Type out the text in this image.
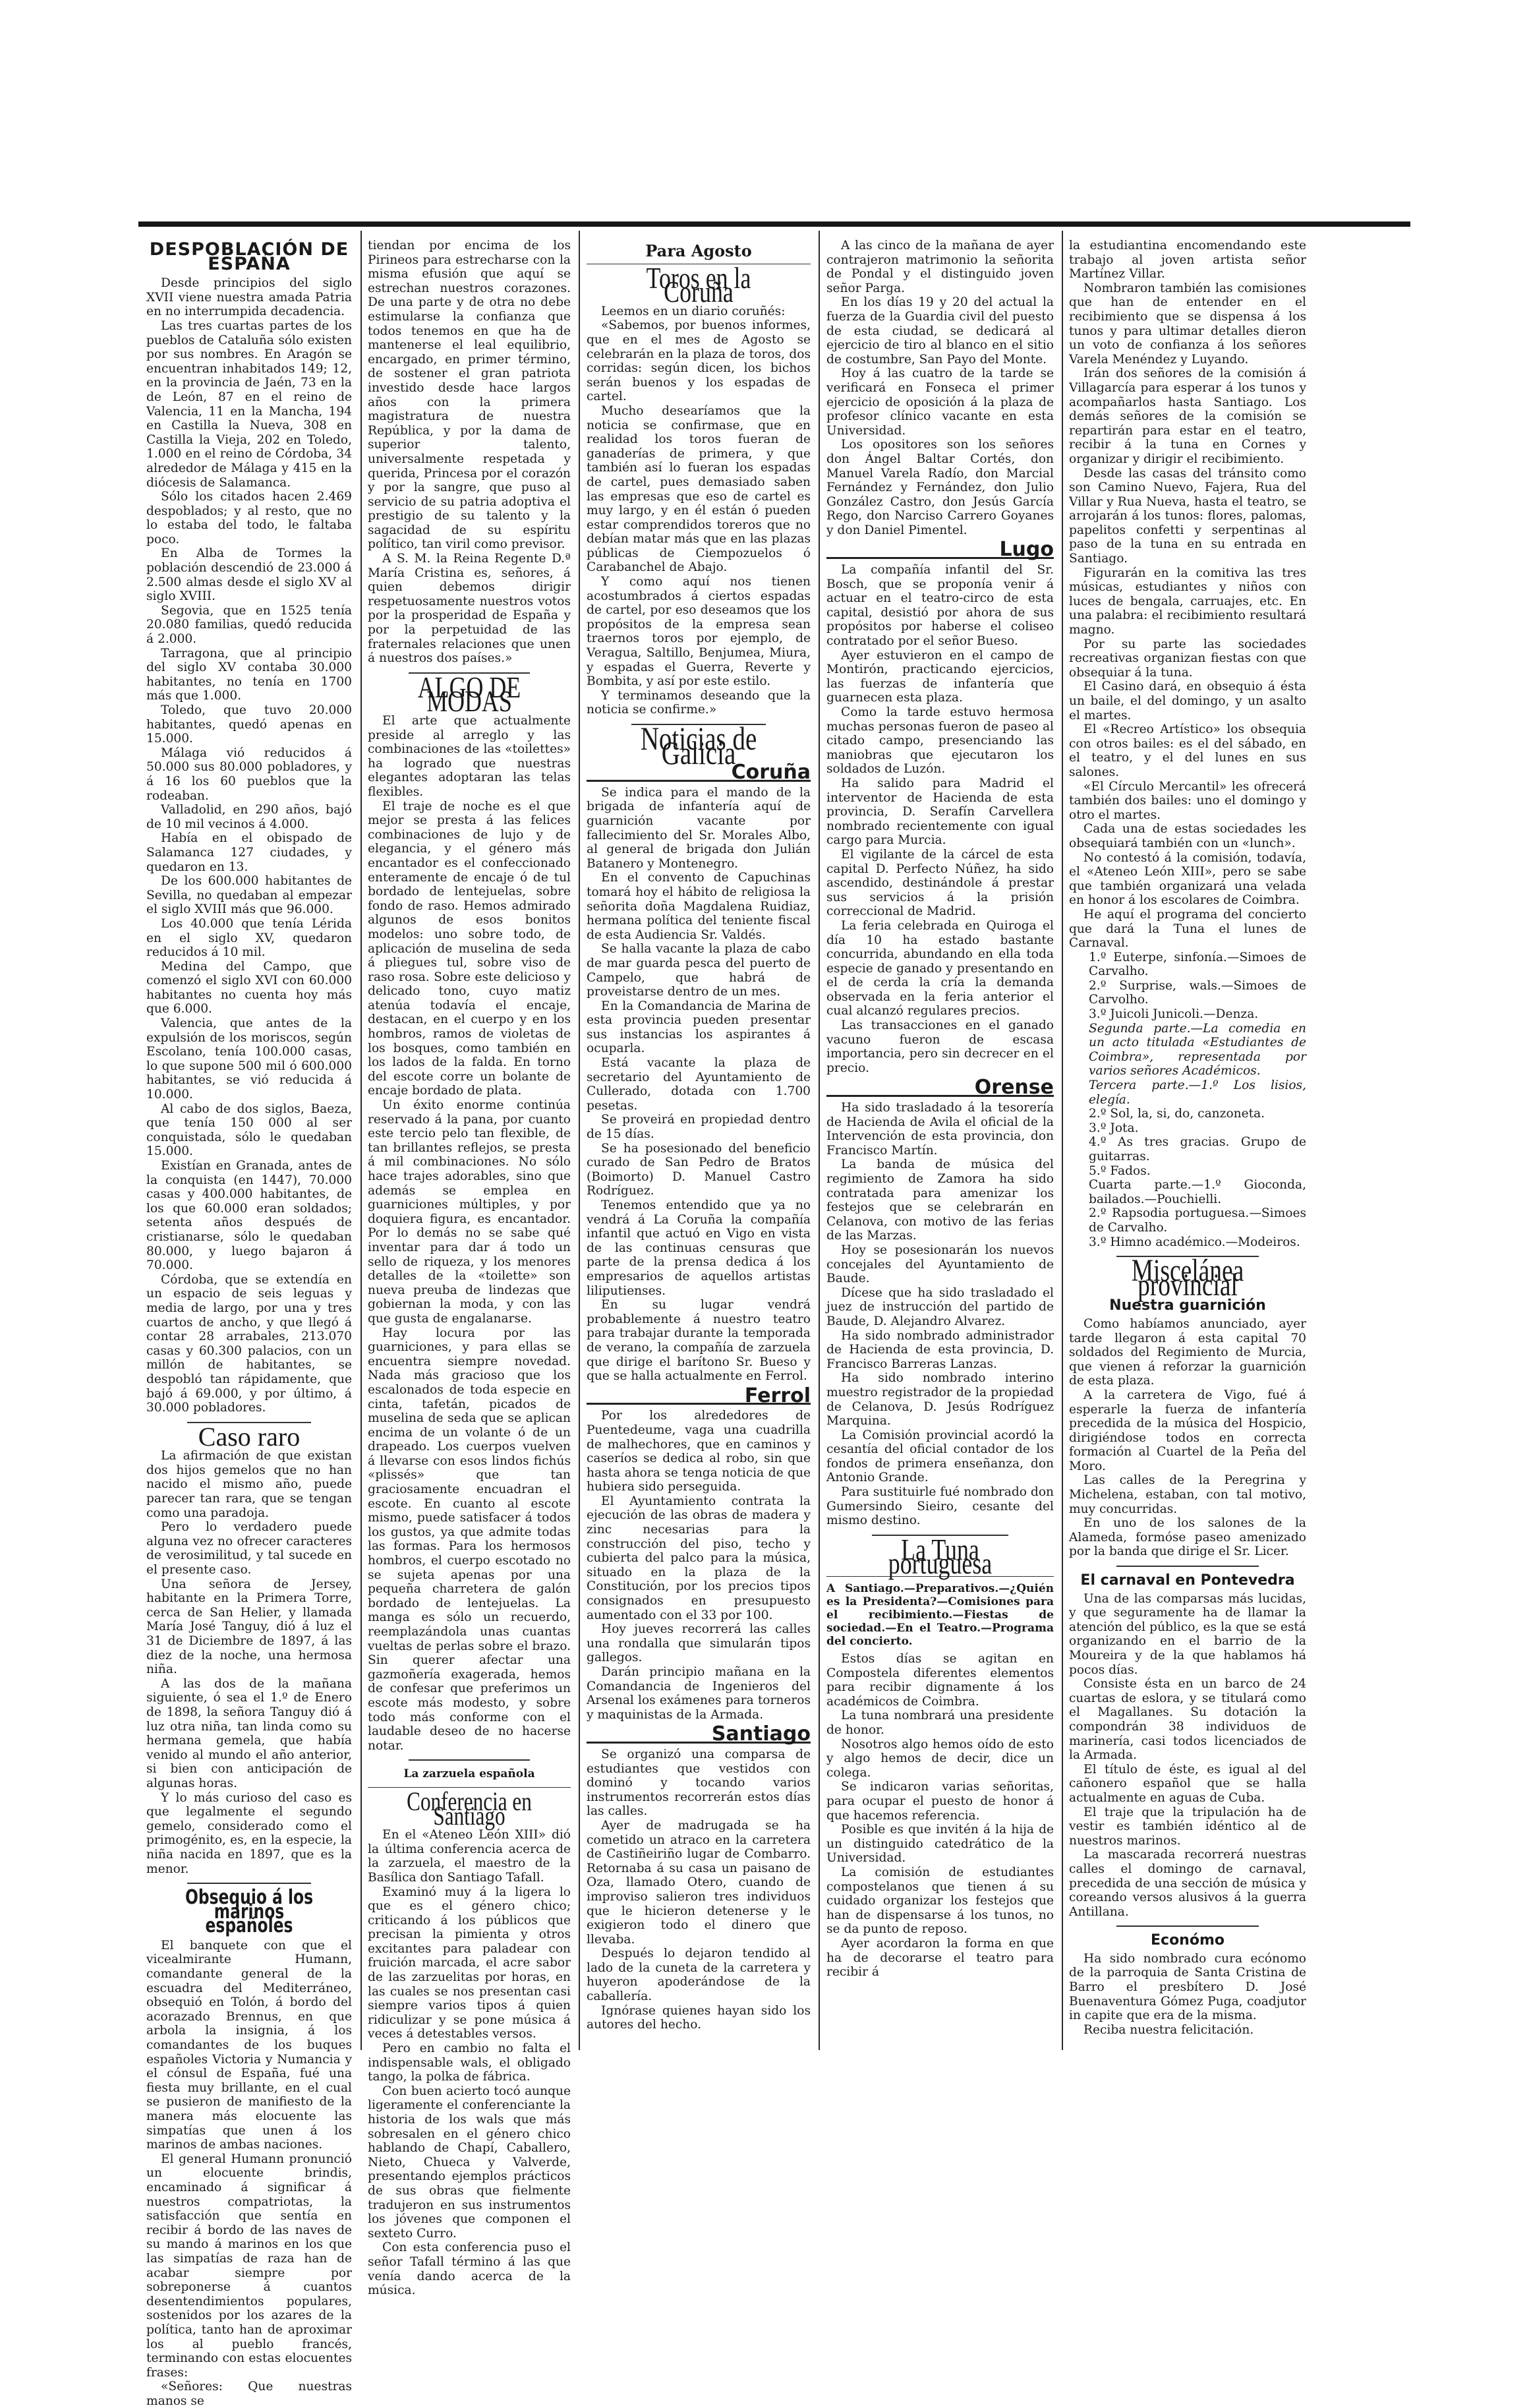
DESPOBLACIÓN DE ESPAÑA

Desde principios del siglo XVII viene nuestra amada Patria en no interrumpida decadencia.

Las tres cuartas partes de los pueblos de Cataluña sólo existen por sus nombres. En Aragón se encuentran inhabitados 149; 12, en la provincia de Jaén, 73 en la de León, 87 en el reino de Valencia, 11 en la Mancha, 194 en Castilla la Nueva, 308 en Castilla la Vieja, 202 en Toledo, 1.000 en el reino de Córdoba, 34 alrededor de Málaga y 415 en la diócesis de Salamanca.

Sólo los citados hacen 2.469 despoblados; y al resto, que no lo estaba del todo, le faltaba poco.

En Alba de Tormes la población descendió de 23.000 á 2.500 almas desde el siglo XV al siglo XVIII.

Segovia, que en 1525 tenía 20.080 familias, quedó reducida á 2.000.

Tarragona, que al principio del siglo XV contaba 30.000 habitantes, no tenía en 1700 más que 1.000.

Toledo, que tuvo 20.000 habitantes, quedó apenas en 15.000.

Málaga vió reducidos á 50.000 sus 80.000 pobladores, y á 16 los 60 pueblos que la rodeaban.

Valladolid, en 290 años, bajó de 10 mil vecinos á 4.000.

Había en el obispado de Salamanca 127 ciudades, y quedaron en 13.

De los 600.000 habitantes de Sevilla, no quedaban al empezar el siglo XVIII más que 96.000.

Los 40.000 que tenía Lérida en el siglo XV, quedaron reducidos á 10 mil.

Medina del Campo, que comenzó el siglo XVI con 60.000 habitantes no cuenta hoy más que 6.000.

Valencia, que antes de la expulsión de los moriscos, según Escolano, tenía 100.000 casas, lo que supone 500 mil ó 600.000 habitantes, se vió reducida á 10.000.

Al cabo de dos siglos, Baeza, que tenía 150 000 al ser conquistada, sólo le quedaban 15.000.

Existían en Granada, antes de la conquista (en 1447), 70.000 casas y 400.000 habitantes, de los que 60.000 eran soldados; setenta años después de cristianarse, sólo le quedaban 80.000, y luego bajaron á 70.000.

Córdoba, que se extendía en un espacio de seis leguas y media de largo, por una y tres cuartos de ancho, y que llegó á contar 28 arrabales, 213.070 casas y 60.300 palacios, con un millón de habitantes, se despobló tan rápidamente, que bajó á 69.000, y por último, á 30.000 pobladores.

Caso raro

La afirmación de que existan dos hijos gemelos que no han nacido el mismo año, puede parecer tan rara, que se tengan como una paradoja.

Pero lo verdadero puede alguna vez no ofrecer caracteres de verosimilitud, y tal sucede en el presente caso.

Una señora de Jersey, habitante en la Primera Torre, cerca de San Helier, y llamada María José Tanguy, dió á luz el 31 de Diciembre de 1897, á las diez de la noche, una hermosa niña.

A las dos de la mañana siguiente, ó sea el 1.º de Enero de 1898, la señora Tanguy dió á luz otra niña, tan linda como su hermana gemela, que había venido al mundo el año anterior, si bien con anticipación de algunas horas.

Y lo más curioso del caso es que legalmente el segundo gemelo, considerado como el primogénito, es, en la especie, la niña nacida en 1897, que es la menor.

Obsequio á los marinos españoles

El banquete con que el vicealmirante Humann, comandante general de la escuadra del Mediterráneo, obsequió en Tolón, á bordo del acorazado Brennus, en que arbola la insignia, á los comandantes de los buques españoles Victoria y Numancia y el cónsul de España, fué una fiesta muy brillante, en el cual se pusieron de manifiesto de la manera más elocuente las simpatías que unen á los marinos de ambas naciones.

El general Humann pronunció un elocuente brindis, encaminado á significar á nuestros compatriotas, la satisfacción que sentía en recibir á bordo de las naves de su mando á marinos en los que las simpatías de raza han de acabar siempre por sobreponerse á cuantos desentendimientos populares, sostenidos por los azares de la política, tanto han de aproximar los al pueblo francés, terminando con estas elocuentes frases:

«Señores: Que nuestras manos se

tiendan por encima de los Pirineos para estrecharse con la misma efusión que aquí se estrechan nuestros corazones. De una parte y de otra no debe estimularse la confianza que todos tenemos en que ha de mantenerse el leal equilibrio, encargado, en primer término, de sostener el gran patriota investido desde hace largos años con la primera magistratura de nuestra República, y por la dama de superior talento, universalmente respetada y querida, Princesa por el corazón y por la sangre, que puso al servicio de su patria adoptiva el prestigio de su talento y la sagacidad de su espíritu político, tan viril como previsor.

A S. M. la Reina Regente D.ª María Cristina es, señores, á quien debemos dirigir respetuosamente nuestros votos por la prosperidad de España y por la perpetuidad de las fraternales relaciones que unen á nuestros dos países.»

ALGO DE MODAS

El arte que actualmente preside al arreglo y las combinaciones de las «toilettes» ha logrado que nuestras elegantes adoptaran las telas flexibles.

El traje de noche es el que mejor se presta á las felices combinaciones de lujo y de elegancia, y el género más encantador es el confeccionado enteramente de encaje ó de tul bordado de lentejuelas, sobre fondo de raso. Hemos admirado algunos de esos bonitos modelos: uno sobre todo, de aplicación de muselina de seda á pliegues tul, sobre viso de raso rosa. Sobre este delicioso y delicado tono, cuyo matiz atenúa todavía el encaje, destacan, en el cuerpo y en los hombros, ramos de violetas de los bosques, como también en los lados de la falda. En torno del escote corre un bolante de encaje bordado de plata.

Un éxito enorme continúa reservado á la pana, por cuanto este tercio pelo tan flexible, de tan brillantes reflejos, se presta á mil combinaciones. No sólo hace trajes adorables, sino que además se emplea en guarniciones múltiples, y por doquiera figura, es encantador. Por lo demás no se sabe qué inventar para dar á todo un sello de riqueza, y los menores detalles de la «toilette» son nueva preuba de lindezas que gobiernan la moda, y con las que gusta de engalanarse.

Hay locura por las guarniciones, y para ellas se encuentra siempre novedad. Nada más gracioso que los escalonados de toda especie en cinta, tafetán, picados de muselina de seda que se aplican encima de un volante ó de un drapeado. Los cuerpos vuelven á llevarse con esos lindos fichús «plissés» que tan graciosamente encuadran el escote. En cuanto al escote mismo, puede satisfacer á todos los gustos, ya que admite todas las formas. Para los hermosos hombros, el cuerpo escotado no se sujeta apenas por una pequeña charretera de galón bordado de lentejuelas. La manga es sólo un recuerdo, reemplazándola unas cuantas vueltas de perlas sobre el brazo. Sin querer afectar una gazmoñería exagerada, hemos de confesar que preferimos un escote más modesto, y sobre todo más conforme con el laudable deseo de no hacerse notar.

La zarzuela española
Conferencia en Santiago

En el «Ateneo León XIII» dió la última conferencia acerca de la zarzuela, el maestro de la Basílica don Santiago Tafall.

Examinó muy á la ligera lo que es el género chico; criticando á los públicos que precisan la pimienta y otros excitantes para paladear con fruición marcada, el acre sabor de las zarzuelitas por horas, en las cuales se nos presentan casi siempre varios tipos á quien ridiculizar y se pone música á veces á detestables versos.

Pero en cambio no falta el indispensable wals, el obligado tango, la polka de fábrica.

Con buen acierto tocó aunque ligeramente el conferenciante la historia de los wals que más sobresalen en el género chico hablando de Chapí, Caballero, Nieto, Chueca y Valverde, presentando ejemplos prácticos de sus obras que fielmente tradujeron en sus instrumentos los jóvenes que componen el sexteto Curro.

Con esta conferencia puso el señor Tafall término á las que venía dando acerca de la música.

Para Agosto
Toros en la Coruña

Leemos en un diario coruñés:

«Sabemos, por buenos informes, que en el mes de Agosto se celebrarán en la plaza de toros, dos corridas: según dicen, los bichos serán buenos y los espadas de cartel.

Mucho desearíamos que la noticia se confirmase, que en realidad los toros fueran de ganaderías de primera, y que también así lo fueran los espadas de cartel, pues demasiado saben las empresas que eso de cartel es muy largo, y en él están ó pueden estar comprendidos toreros que no debían matar más que en las plazas públicas de Ciempozuelos ó Carabanchel de Abajo.

Y como aquí nos tienen acostumbrados á ciertos espadas de cartel, por eso deseamos que los propósitos de la empresa sean traernos toros por ejemplo, de Veragua, Saltillo, Benjumea, Miura, y espadas el Guerra, Reverte y Bombita, y así por este estilo.

Y terminamos deseando que la noticia se confirme.»

Noticias de Galicia
Coruña

Se indica para el mando de la brigada de infantería aquí de guarnición vacante por fallecimiento del Sr. Morales Albo, al general de brigada don Julián Batanero y Montenegro.

En el convento de Capuchinas tomará hoy el hábito de religiosa la señorita doña Magdalena Ruidiaz, hermana política del teniente fiscal de esta Audiencia Sr. Valdés.

Se halla vacante la plaza de cabo de mar guarda pesca del puerto de Campelo, que habrá de proveistarse dentro de un mes.

En la Comandancia de Marina de esta provincia pueden presentar sus instancias los aspirantes á ocuparla.

Está vacante la plaza de secretario del Ayuntamiento de Cullerado, dotada con 1.700 pesetas.

Se proveirá en propiedad dentro de 15 días.

Se ha posesionado del beneficio curado de San Pedro de Bratos (Boimorto) D. Manuel Castro Rodríguez.

Tenemos entendido que ya no vendrá á La Coruña la compañía infantil que actuó en Vigo en vista de las continuas censuras que parte de la prensa dedica á los empresarios de aquellos artistas liliputienses.

En su lugar vendrá probablemente á nuestro teatro para trabajar durante la temporada de verano, la compañía de zarzuela que dirige el barítono Sr. Bueso y que se halla actualmente en Ferrol.

Ferrol

Por los alrededores de Puentedeume, vaga una cuadrilla de malhechores, que en caminos y caseríos se dedica al robo, sin que hasta ahora se tenga noticia de que hubiera sido perseguida.

El Ayuntamiento contrata la ejecución de las obras de madera y zinc necesarias para la construcción del piso, techo y cubierta del palco para la música, situado en la plaza de la Constitución, por los precios tipos consignados en presupuesto aumentado con el 33 por 100.

Hoy jueves recorrerá las calles una rondalla que simularán tipos gallegos.

Darán principio mañana en la Comandancia de Ingenieros del Arsenal los exámenes para torneros y maquinistas de la Armada.

Santiago

Se organizó una comparsa de estudiantes que vestidos con dominó y tocando varios instrumentos recorrerán estos días las calles.

Ayer de madrugada se ha cometido un atraco en la carretera de Castiñeiriño lugar de Combarro. Retornaba á su casa un paisano de Oza, llamado Otero, cuando de improviso salieron tres individuos que le hicieron detenerse y le exigieron todo el dinero que llevaba.

Después lo dejaron tendido al lado de la cuneta de la carretera y huyeron apoderándose de la caballería.

Ignórase quienes hayan sido los autores del hecho.

A las cinco de la mañana de ayer contrajeron matrimonio la señorita de Pondal y el distinguido joven señor Parga.

En los días 19 y 20 del actual la fuerza de la Guardia civil del puesto de esta ciudad, se dedicará al ejercicio de tiro al blanco en el sitio de costumbre, San Payo del Monte.

Hoy á las cuatro de la tarde se verificará en Fonseca el primer ejercicio de oposición á la plaza de profesor clínico vacante en esta Universidad.

Los opositores son los señores don Ángel Baltar Cortés, don Manuel Varela Radío, don Marcial Fernández y Fernández, don Julio González Castro, don Jesús García Rego, don Narciso Carrero Goyanes y don Daniel Pimentel.

Lugo

La compañía infantil del Sr. Bosch, que se proponía venir á actuar en el teatro-circo de esta capital, desistió por ahora de sus propósitos por haberse el coliseo contratado por el señor Bueso.

Ayer estuvieron en el campo de Montirón, practicando ejercicios, las fuerzas de infantería que guarnecen esta plaza.

Como la tarde estuvo hermosa muchas personas fueron de paseo al citado campo, presenciando las maniobras que ejecutaron los soldados de Luzón.

Ha salido para Madrid el interventor de Hacienda de esta provincia, D. Serafín Carvellera nombrado recientemente con igual cargo para Murcia.

El vigilante de la cárcel de esta capital D. Perfecto Núñez, ha sido ascendido, destinándole á prestar sus servicios á la prisión correccional de Madrid.

La feria celebrada en Quiroga el día 10 ha estado bastante concurrida, abundando en ella toda especie de ganado y presentando en el de cerda la cría la demanda observada en la feria anterior el cual alcanzó regulares precios.

Las transacciones en el ganado vacuno fueron de escasa importancia, pero sin decrecer en el precio.

Orense

Ha sido trasladado á la tesorería de Hacienda de Avila el oficial de la Intervención de esta provincia, don Francisco Martín.

La banda de música del regimiento de Zamora ha sido contratada para amenizar los festejos que se celebrarán en Celanova, con motivo de las ferias de las Marzas.

Hoy se posesionarán los nuevos concejales del Ayuntamiento de Baude.

Dícese que ha sido trasladado el juez de instrucción del partido de Baude, D. Alejandro Alvarez.

Ha sido nombrado administrador de Hacienda de esta provincia, D. Francisco Barreras Lanzas.

Ha sido nombrado interino muestro registrador de la propiedad de Celanova, D. Jesús Rodríguez Marquina.

La Comisión provincial acordó la cesantía del oficial contador de los fondos de primera enseñanza, don Antonio Grande.

Para sustituirle fué nombrado don Gumersindo Sieiro, cesante del mismo destino.

La Tuna portuguesa
A Santiago.—Preparativos.—¿Quién es la Presidenta?—Comisiones para el recibimiento.—Fiestas de sociedad.—En el Teatro.—Programa del concierto.

Estos días se agitan en Compostela diferentes elementos para recibir dignamente á los académicos de Coimbra.

La tuna nombrará una presidente de honor.

Nosotros algo hemos oído de esto y algo hemos de decir, dice un colega.

Se indicaron varias señoritas, para ocupar el puesto de honor á que hacemos referencia.

Posible es que invitén á la hija de un distinguido catedrático de la Universidad.

La comisión de estudiantes compostelanos que tienen á su cuidado organizar los festejos que han de dispensarse á los tunos, no se da punto de reposo.

Ayer acordaron la forma en que ha de decorarse el teatro para recibir á

la estudiantina encomendando este trabajo al joven artista señor Martínez Villar.

Nombraron también las comisiones que han de entender en el recibimiento que se dispensa á los tunos y para ultimar detalles dieron un voto de confianza á los señores Varela Menéndez y Luyando.

Irán dos señores de la comisión á Villagarcía para esperar á los tunos y acompañarlos hasta Santiago. Los demás señores de la comisión se repartirán para estar en el teatro, recibir á la tuna en Cornes y organizar y dirigir el recibimiento.

Desde las casas del tránsito como son Camino Nuevo, Fajera, Rua del Villar y Rua Nueva, hasta el teatro, se arrojarán á los tunos: flores, palomas, papelitos confetti y serpentinas al paso de la tuna en su entrada en Santiago.

Figurarán en la comitiva las tres músicas, estudiantes y niños con luces de bengala, carruajes, etc. En una palabra: el recibimiento resultará magno.

Por su parte las sociedades recreativas organizan fiestas con que obsequiar á la tuna.

El Casino dará, en obsequio á ésta un baile, el del domingo, y un asalto el martes.

El «Recreo Artístico» los obsequia con otros bailes: es el del sábado, en el teatro, y el del lunes en sus salones.

«El Círculo Mercantil» les ofrecerá también dos bailes: uno el domingo y otro el martes.

Cada una de estas sociedades les obsequiará también con un «lunch».

No contestó á la comisión, todavía, el «Ateneo León XIII», pero se sabe que también organizará una velada en honor á los escolares de Coimbra.

He aquí el programa del concierto que dará la Tuna el lunes de Carnaval.

1.º Euterpe, sinfonía.—Simoes de Carvalho.
2.º Surprise, wals.—Simoes de Carvolho.
3.º Juicoli Junicoli.—Denza.
Segunda parte.—La comedia en un acto titulada «Estudiantes de Coimbra», representada por varios señores Académicos.
Tercera parte.—1.º Los lisios, elegía.
2.º Sol, la, si, do, canzoneta.
3.º Jota.
4.º As tres gracias. Grupo de guitarras.
5.º Fados.
Cuarta parte.—1.º Gioconda, bailados.—Pouchielli.
2.º Rapsodia portuguesa.—Simoes de Carvalho.
3.º Himno académico.—Modeiros.
Miscelánea provincial
Nuestra guarnición

Como habíamos anunciado, ayer tarde llegaron á esta capital 70 soldados del Regimiento de Murcia, que vienen á reforzar la guarnición de esta plaza.

A la carretera de Vigo, fué á esperarle la fuerza de infantería precedida de la música del Hospicio, dirigiéndose todos en correcta formación al Cuartel de la Peña del Moro.

Las calles de la Peregrina y Michelena, estaban, con tal motivo, muy concurridas.

En uno de los salones de la Alameda, formóse paseo amenizado por la banda que dirige el Sr. Licer.

El carnaval en Pontevedra

Una de las comparsas más lucidas, y que seguramente ha de llamar la atención del público, es la que se está organizando en el barrio de la Moureira y de la que hablamos há pocos días.

Consiste ésta en un barco de 24 cuartas de eslora, y se titulará como el Magallanes. Su dotación la compondrán 38 individuos de marinería, casi todos licenciados de la Armada.

El título de éste, es igual al del cañonero español que se halla actualmente en aguas de Cuba.

El traje que la tripulación ha de vestir es también idéntico al de nuestros marinos.

La mascarada recorrerá nuestras calles el domingo de carnaval, precedida de una sección de música y coreando versos alusivos á la guerra Antillana.

Económo

Ha sido nombrado cura ecónomo de la parroquia de Santa Cristina de Barro el presbítero D. José Buenaventura Gómez Puga, coadjutor in capite que era de la misma.

Reciba nuestra felicitación.
